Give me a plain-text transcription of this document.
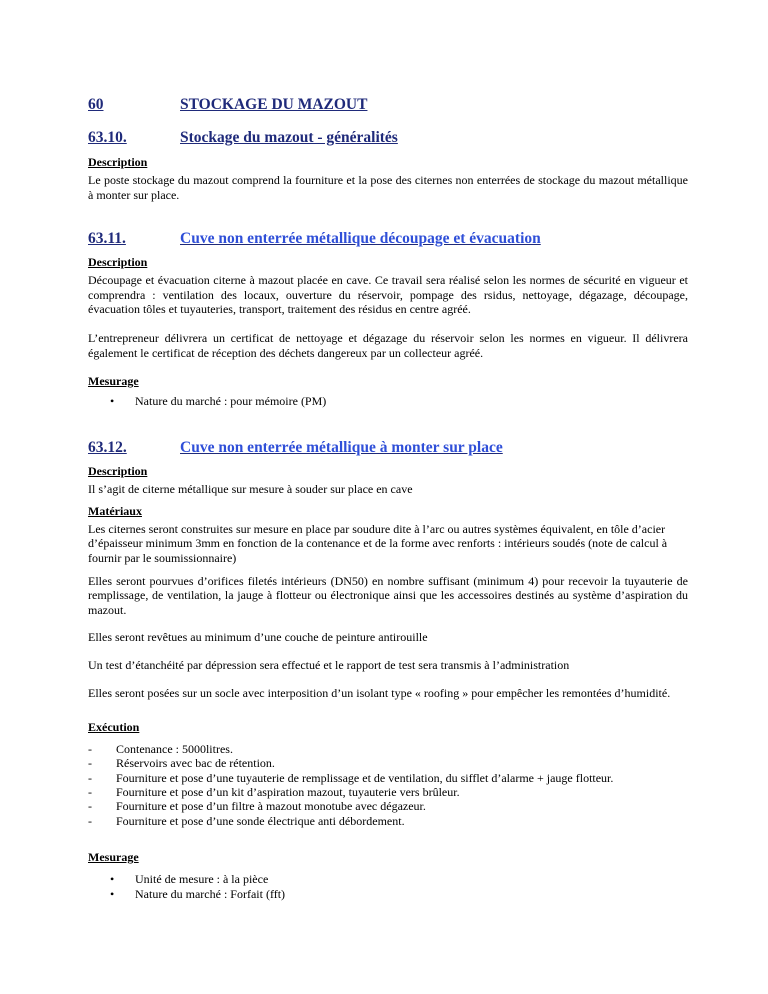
60	STOCKAGE DU MAZOUT
63.10.	Stockage du mazout - généralités

Description

Le poste stockage du mazout comprend la fourniture et la pose des citernes non enterrées de stockage du mazout métallique à monter sur place.

63.11.	Cuve non enterrée métallique découpage et évacuation

Description

Découpage et évacuation citerne à mazout placée en cave. Ce travail sera réalisé selon les normes de sécurité en vigueur et comprendra : ventilation des locaux, ouverture du réservoir, pompage des rsidus, nettoyage, dégazage, découpage, évacuation tôles et tuyauteries, transport, traitement des résidus en centre agréé.

L’entrepreneur délivrera un certificat de nettoyage et dégazage du réservoir selon les normes en vigueur. Il délivrera également le certificat de réception des déchets dangereux par un collecteur agréé.

Mesurage

• Nature du marché : pour mémoire (PM)
63.12.	Cuve non enterrée métallique à monter sur place

Description

Il s’agit de citerne métallique sur mesure à souder sur place en cave

Matériaux

Les citernes seront construites sur mesure en place par soudure dite à l’arc ou autres systèmes équivalent, en tôle d’acier d’épaisseur minimum 3mm en fonction de la contenance et de la forme avec renforts : intérieurs soudés (note de calcul à fournir par le soumissionnaire)

Elles seront pourvues d’orifices filetés intérieurs (DN50) en nombre suffisant (minimum 4) pour recevoir la tuyauterie de remplissage, de ventilation, la jauge à flotteur ou électronique ainsi que les accessoires destinés au système d’aspiration du mazout.

Elles seront revêtues au minimum d’une couche de peinture antirouille

Un test d’étanchéité par dépression sera effectué et le rapport de test sera transmis à l’administration

Elles seront posées sur un socle avec interposition d’un isolant type « roofing » pour empêcher les remontées d’humidité.

Exécution

- Contenance : 5000litres.
- Réservoirs avec bac de rétention.
- Fourniture et pose d’une tuyauterie de remplissage et de ventilation, du sifflet d’alarme + jauge flotteur.
- Fourniture et pose d’un kit d’aspiration mazout, tuyauterie vers brûleur.
- Fourniture et pose d’un filtre à mazout monotube avec dégazeur.
- Fourniture et pose d’une sonde électrique anti débordement.

Mesurage

• Unité de mesure : à la pièce
• Nature du marché : Forfait (fft)
